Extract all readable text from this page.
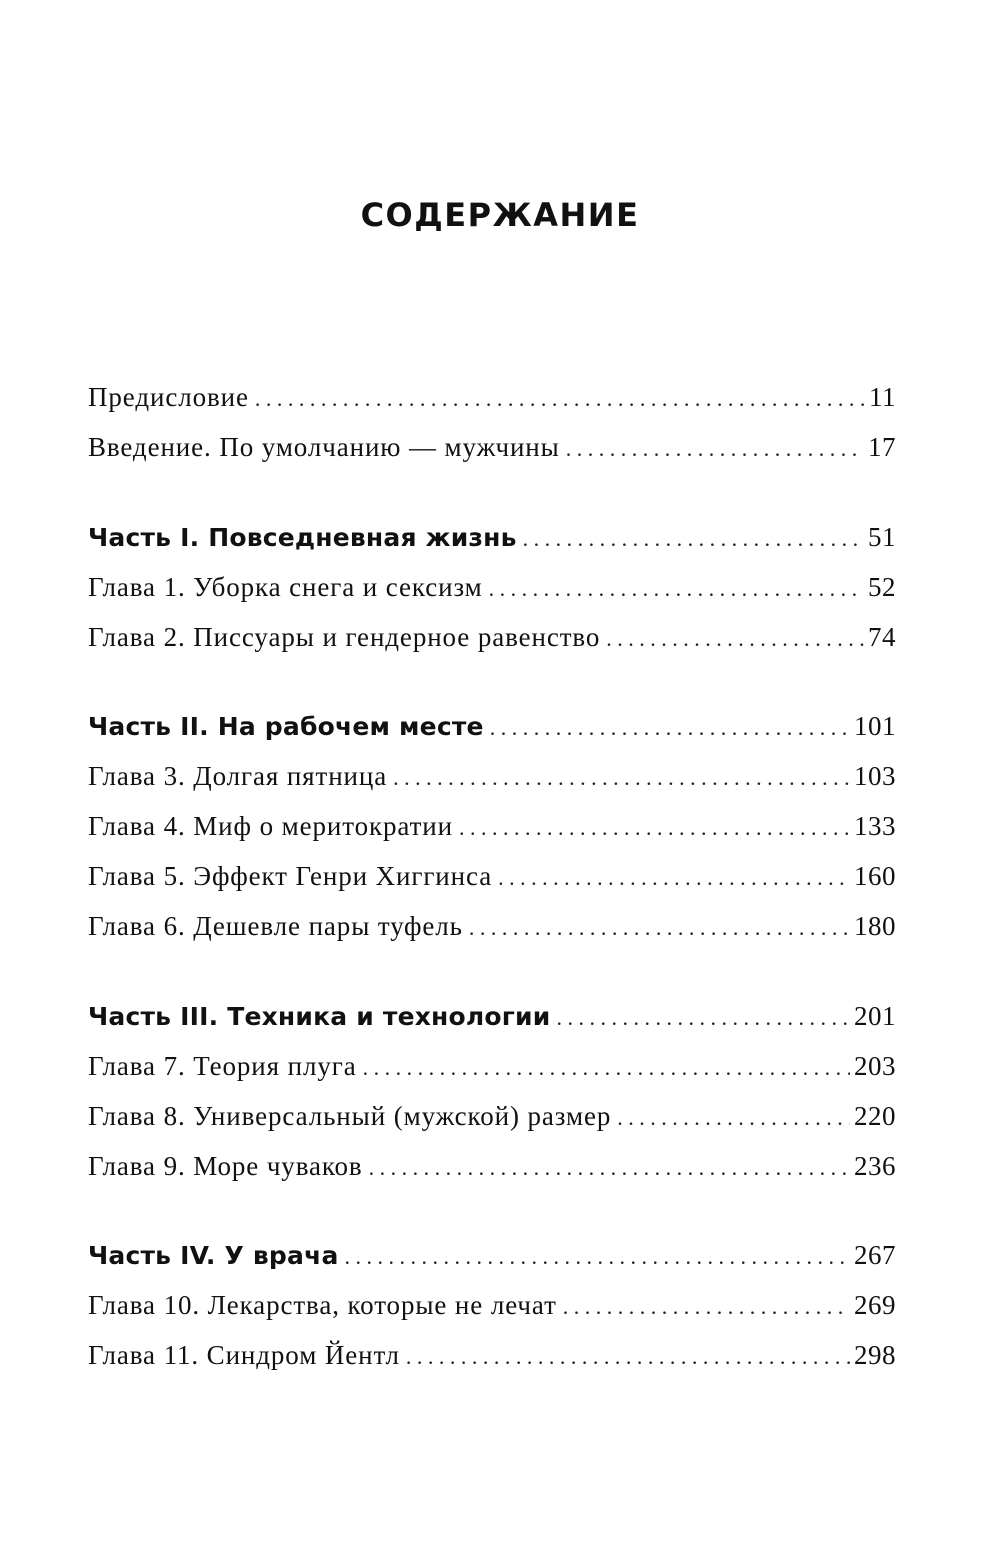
СОДЕРЖАНИЕ
Предисловие . . .	11
Введение. По умолчанию — мужчины . . .	17
Часть I. Повседневная жизнь . . .	51
Глава 1. Уборка снега и сексизм . . .	52
Глава 2. Писсуары и гендерное равенство . . .	74
Часть II. На рабочем месте . . .	101
Глава 3. Долгая пятница . . .	103
Глава 4. Миф о меритократии . . .	133
Глава 5. Эффект Генри Хиггинса . . .	160
Глава 6. Дешевле пары туфель . . .	180
Часть III. Техника и технологии . . .	201
Глава 7. Теория плуга . . .	203
Глава 8. Универсальный (мужской) размер . . .	220
Глава 9. Море чуваков . . .	236
Часть IV. У врача . . .	267
Глава 10. Лекарства, которые не лечат . . .	269
Глава 11. Синдром Йентл . . .	298
